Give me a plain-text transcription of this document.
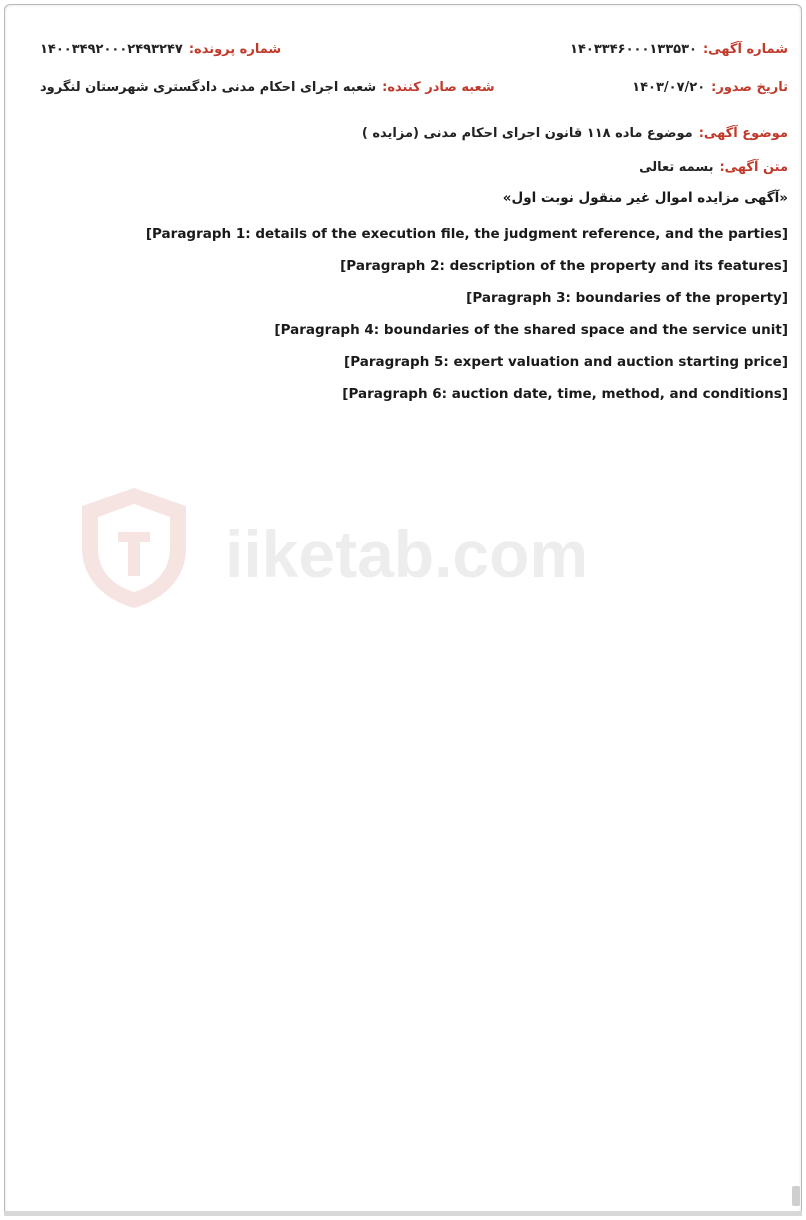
iiketab.com
شماره آگهی:
۱۴۰۳۳۴۶۰۰۰۱۳۳۵۳۰
شماره پرونده:
۱۴۰۰۳۴۹۲۰۰۰۲۴۹۳۲۴۷
تاریخ صدور:
۱۴۰۳/۰۷/۲۰
شعبه صادر کننده:
شعبه اجرای احکام مدنی دادگستری شهرستان لنگرود
موضوع آگهی:
موضوع ماده ۱۱۸ قانون اجرای احکام مدنی (مزایده )
متن آگهی:
بسمه تعالی
«آگهی مزایده اموال غیر منقول نوبت اول»

[Paragraph 1: details of the execution file, the judgment reference, and the parties]

[Paragraph 2: description of the property and its features]

[Paragraph 3: boundaries of the property]

[Paragraph 4: boundaries of the shared space and the service unit]

[Paragraph 5: expert valuation and auction starting price]

[Paragraph 6: auction date, time, method, and conditions]
